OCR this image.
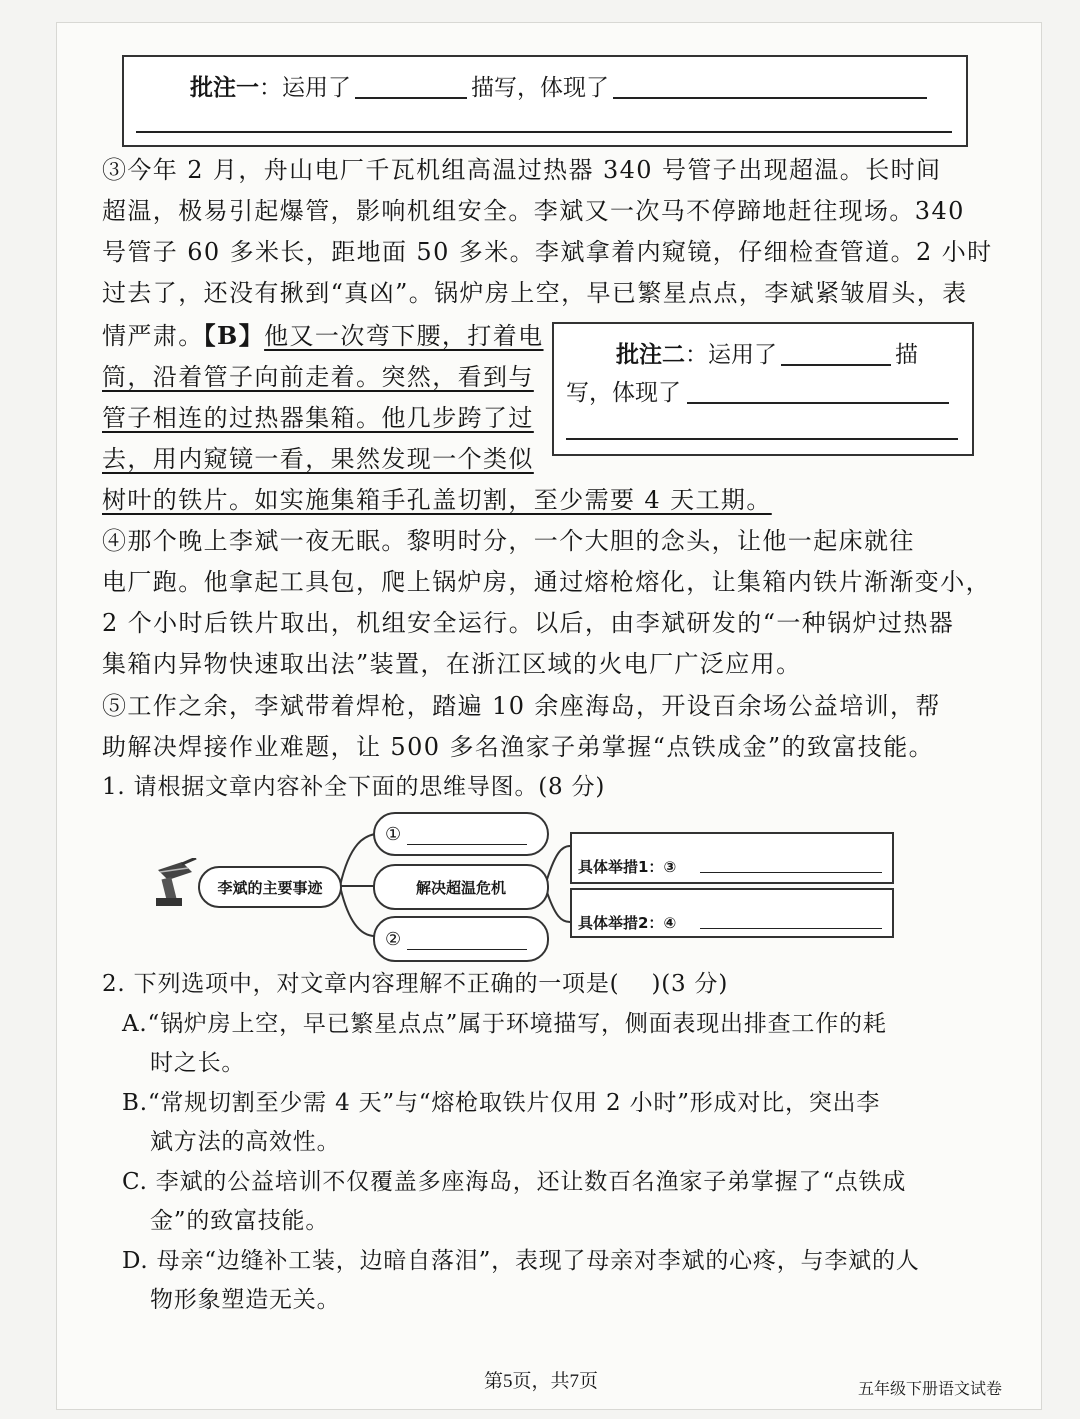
批注一：运用了	描写，体现了
③今年 2 月，舟山电厂千瓦机组高温过热器 340 号管子出现超温。长时间
超温，极易引起爆管，影响机组安全。李斌又一次马不停蹄地赶往现场。340
号管子 60 多米长，距地面 50 多米。李斌拿着内窥镜，仔细检查管道。2 小时
过去了，还没有揪到“真凶”。锅炉房上空，早已繁星点点，李斌紧皱眉头，表
情严肃。【B】他又一次弯下腰，打着电
筒，沿着管子向前走着。突然，看到与
管子相连的过热器集箱。他几步跨了过
去，用内窥镜一看，果然发现一个类似
树叶的铁片。如实施集箱手孔盖切割，至少需要 4 天工期。
批注二：运用了	描
写，体现了
④那个晚上李斌一夜无眠。黎明时分，一个大胆的念头，让他一起床就往
电厂跑。他拿起工具包，爬上锅炉房，通过熔枪熔化，让集箱内铁片渐渐变小，
2 个小时后铁片取出，机组安全运行。以后，由李斌研发的“一种锅炉过热器
集箱内异物快速取出法”装置，在浙江区域的火电厂广泛应用。
⑤工作之余，李斌带着焊枪，踏遍 10 余座海岛，开设百余场公益培训，帮
助解决焊接作业难题，让 500 多名渔家子弟掌握“点铁成金”的致富技能。
1. 请根据文章内容补全下面的思维导图。(8 分)
李斌的主要事迹
①
解决超温危机
②
具体举措1：③
具体举措2：④
2. 下列选项中，对文章内容理解不正确的一项是( )(3 分)
A.“锅炉房上空，早已繁星点点”属于环境描写，侧面表现出排查工作的耗
时之长。
B.“常规切割至少需 4 天”与“熔枪取铁片仅用 2 小时”形成对比，突出李
斌方法的高效性。
C. 李斌的公益培训不仅覆盖多座海岛，还让数百名渔家子弟掌握了“点铁成
金”的致富技能。
D. 母亲“边缝补工装，边暗自落泪”，表现了母亲对李斌的心疼，与李斌的人
物形象塑造无关。
第5页，共7页	五年级下册语文试卷
